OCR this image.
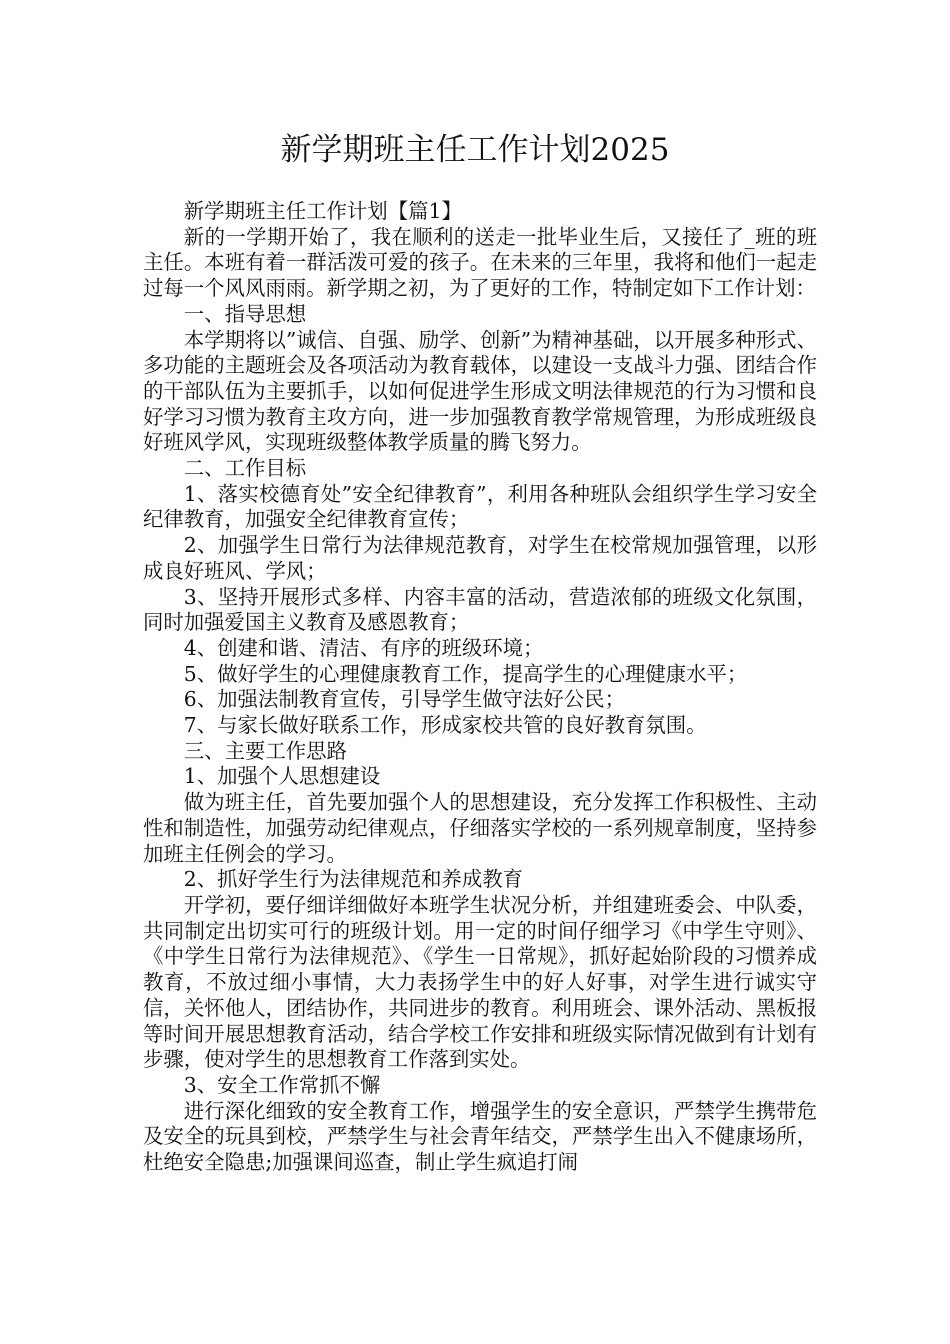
新学期班主任工作计划2025

新学期班主任工作计划【篇1】

新的一学期开始了，我在顺利的送走一批毕业生后，又接任了_班的班主任。本班有着一群活泼可爱的孩子。在未来的三年里，我将和他们一起走过每一个风风雨雨。新学期之初，为了更好的工作，特制定如下工作计划：

一、指导思想

本学期将以”诚信、自强、励学、创新”为精神基础，以开展多种形式、多功能的主题班会及各项活动为教育载体，以建设一支战斗力强、团结合作的干部队伍为主要抓手，以如何促进学生形成文明法律规范的行为习惯和良好学习习惯为教育主攻方向，进一步加强教育教学常规管理，为形成班级良好班风学风，实现班级整体教学质量的腾飞努力。

二、工作目标

1、落实校德育处”安全纪律教育”，利用各种班队会组织学生学习安全纪律教育，加强安全纪律教育宣传；

2、加强学生日常行为法律规范教育，对学生在校常规加强管理，以形成良好班风、学风；

3、坚持开展形式多样、内容丰富的活动，营造浓郁的班级文化氛围，同时加强爱国主义教育及感恩教育；

4、创建和谐、清洁、有序的班级环境；

5、做好学生的心理健康教育工作，提高学生的心理健康水平；

6、加强法制教育宣传，引导学生做守法好公民；

7、与家长做好联系工作，形成家校共管的良好教育氛围。

三、主要工作思路

1、加强个人思想建设

做为班主任，首先要加强个人的思想建设，充分发挥工作积极性、主动性和制造性，加强劳动纪律观点，仔细落实学校的一系列规章制度，坚持参加班主任例会的学习。

2、抓好学生行为法律规范和养成教育

开学初，要仔细详细做好本班学生状况分析，并组建班委会、中队委，共同制定出切实可行的班级计划。用一定的时间仔细学习《中学生守则》、《中学生日常行为法律规范》、《学生一日常规》，抓好起始阶段的习惯养成教育，不放过细小事情，大力表扬学生中的好人好事，对学生进行诚实守信，关怀他人，团结协作，共同进步的教育。利用班会、课外活动、黑板报等时间开展思想教育活动，结合学校工作安排和班级实际情况做到有计划有步骤，使对学生的思想教育工作落到实处。

3、安全工作常抓不懈

进行深化细致的安全教育工作，增强学生的安全意识，严禁学生携带危及安全的玩具到校，严禁学生与社会青年结交，严禁学生出入不健康场所，杜绝安全隐患;加强课间巡查，制止学生疯追打闹
